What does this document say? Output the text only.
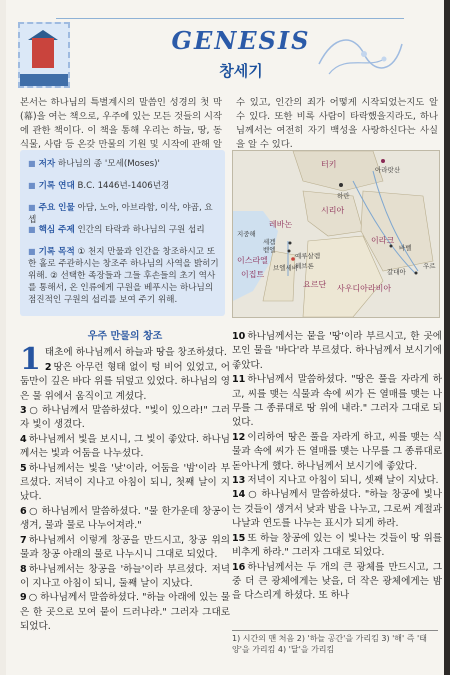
GENESIS
창세기
본서는 하나님의 특별계시의 말씀인 성경의 첫 막(幕)을 여는 책으로, 우주에 있는 모든 것들의 시작에 관한 책이다. 이 책을 통해 우리는 하늘, 땅, 동식물, 사람 등 온갖 만물의 기원 및 시작에 관해 알 수 있고, 인간의 죄가 어떻게 시작되었는지도 알 수 있다. 또한 비록 사람이 타락했을지라도, 하나님께서는 여전히 자기 백성을 사랑하신다는 사실을 알 수 있다.
■ 저자 하나님의 종 '모세(Moses)'
■ 기록 연대 B.C. 1446년-1406년경
■ 주요 인물 아담, 노아, 아브라함, 이삭, 야곱, 요셉
■ 핵심 주제 인간의 타락과 하나님의 구원 섭리
■ 기록 목적 ① 천지 만물과 인간을 창조하시고 또한 홀로 주관하시는 창조주 하나님의 사역을 밝히기 위해. ② 선택한 족장들과 그들 후손들의 초기 역사를 통해서, 온 인류에게 구원을 베푸시는 하나님의 점진적인 구원의 섭리를 보여 주기 위해.
아라랏산
터키
시리아
하란
레바논
지중해
세겜
벧엘
예루살렘
이스라엘
이집트
요르단
헤브론
브엘세바
이라크
바벨
우르
갈대아
사우디아라비아
우주 만물의 창조

1 태초에 하나님께서 하늘과 땅을 창조하셨다.

2 땅은 아무런 형태 없이 텅 비어 있었고, 어둠만이 깊은 바다 위를 뒤덮고 있었다. 하나님의 영은 물 위에서 움직이고 계셨다.

3 ○ 하나님께서 말씀하셨다. "빛이 있으라!" 그러자 빛이 생겼다.

4 하나님께서 빛을 보시니, 그 빛이 좋았다. 하나님께서는 빛과 어둠을 나누셨다.

5 하나님께서는 빛을 '낮'이라, 어둠을 '밤'이라 부르셨다. 저녁이 지나고 아침이 되니, 첫째 날이 지났다.

6 ○ 하나님께서 말씀하셨다. "물 한가운데 창공이 생겨, 물과 물로 나누어져라."

7 하나님께서 이렇게 창공을 만드시고, 창공 위의 물과 창공 아래의 물로 나누시니 그대로 되었다.

8 하나님께서는 창공을 '하늘'이라 부르셨다. 저녁이 지나고 아침이 되니, 둘째 날이 지났다.

9 ○ 하나님께서 말씀하셨다. "하늘 아래에 있는 물은 한 곳으로 모여 뭍이 드러나라." 그러자 그대로 되었다.

10 하나님께서는 뭍을 '땅'이라 부르시고, 한 곳에 모인 물을 '바다'라 부르셨다. 하나님께서 보시기에 좋았다.

11 하나님께서 말씀하셨다. "땅은 풀을 자라게 하고, 씨를 맺는 식물과 속에 씨가 든 열매를 맺는 나무를 그 종류대로 땅 위에 내라." 그러자 그대로 되었다.

12 이리하여 땅은 풀을 자라게 하고, 씨를 맺는 식물과 속에 씨가 든 열매를 맺는 나무를 그 종류대로 돋아나게 했다. 하나님께서 보시기에 좋았다.

13 저녁이 지나고 아침이 되니, 셋째 날이 지났다.

14 ○ 하나님께서 말씀하셨다. "하늘 창공에 빛나는 것들이 생겨서 낮과 밤을 나누고, 그로써 계절과 나날과 연도를 나누는 표시가 되게 하라.

15 또 하늘 창공에 있는 이 빛나는 것들이 땅 위를 비추게 하라." 그러자 그대로 되었다.

16 하나님께서는 두 개의 큰 광체를 만드시고, 그중 더 큰 광체에게는 낮을, 더 작은 광체에게는 밤을 다스리게 하셨다. 또 하나

1) 시간의 맨 처음 2) '하늘 공간'을 가리킴 3) '해' 즉 '태양'을 가리킴 4) '달'을 가리킴
